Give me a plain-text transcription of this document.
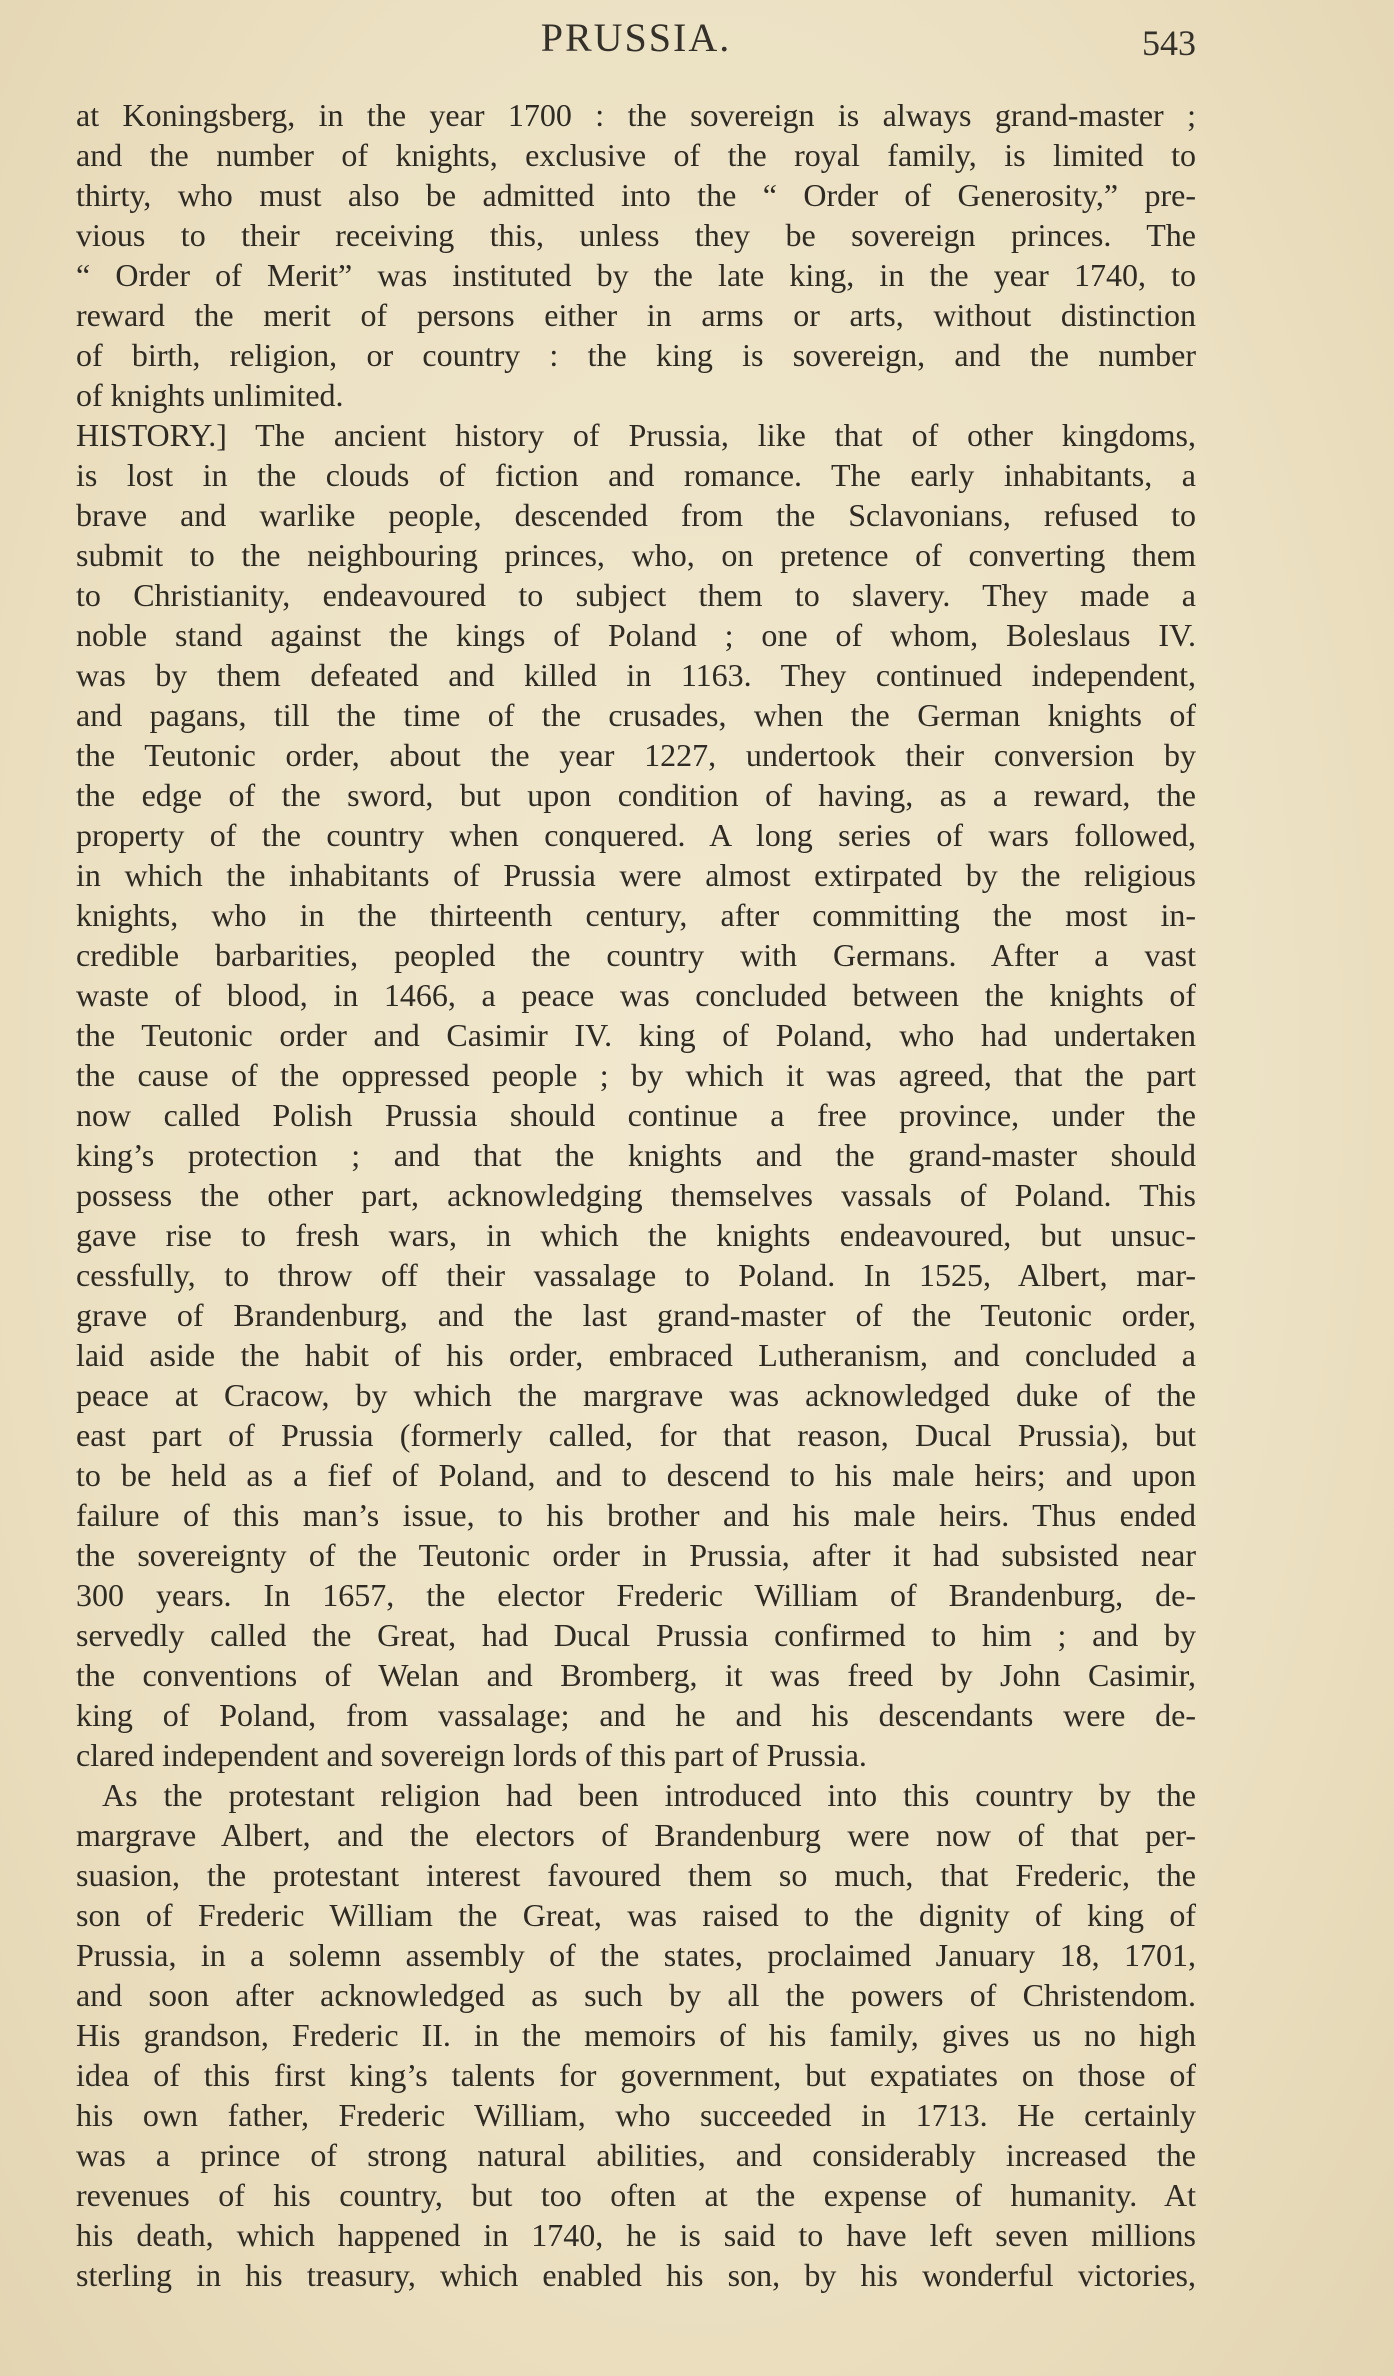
PRUSSIA.	543
at Koningsberg, in the year 1700 : the sovereign is always grand-master ;
and the number of knights, exclusive of the royal family, is limited to
thirty, who must also be admitted into the “ Order of Generosity,” pre-
vious to their receiving this, unless they be sovereign princes. The
“ Order of Merit” was instituted by the late king, in the year 1740, to
reward the merit of persons either in arms or arts, without distinction
of birth, religion, or country : the king is sovereign, and the number
of knights unlimited.
HISTORY.] The ancient history of Prussia, like that of other kingdoms,
is lost in the clouds of fiction and romance. The early inhabitants, a
brave and warlike people, descended from the Sclavonians, refused to
submit to the neighbouring princes, who, on pretence of converting them
to Christianity, endeavoured to subject them to slavery. They made a
noble stand against the kings of Poland ; one of whom, Boleslaus IV.
was by them defeated and killed in 1163. They continued independent,
and pagans, till the time of the crusades, when the German knights of
the Teutonic order, about the year 1227, undertook their conversion by
the edge of the sword, but upon condition of having, as a reward, the
property of the country when conquered. A long series of wars followed,
in which the inhabitants of Prussia were almost extirpated by the religious
knights, who in the thirteenth century, after committing the most in-
credible barbarities, peopled the country with Germans. After a vast
waste of blood, in 1466, a peace was concluded between the knights of
the Teutonic order and Casimir IV. king of Poland, who had undertaken
the cause of the oppressed people ; by which it was agreed, that the part
now called Polish Prussia should continue a free province, under the
king’s protection ; and that the knights and the grand-master should
possess the other part, acknowledging themselves vassals of Poland. This
gave rise to fresh wars, in which the knights endeavoured, but unsuc-
cessfully, to throw off their vassalage to Poland. In 1525, Albert, mar-
grave of Brandenburg, and the last grand-master of the Teutonic order,
laid aside the habit of his order, embraced Lutheranism, and concluded a
peace at Cracow, by which the margrave was acknowledged duke of the
east part of Prussia (formerly called, for that reason, Ducal Prussia), but
to be held as a fief of Poland, and to descend to his male heirs; and upon
failure of this man’s issue, to his brother and his male heirs. Thus ended
the sovereignty of the Teutonic order in Prussia, after it had subsisted near
300 years. In 1657, the elector Frederic William of Brandenburg, de-
servedly called the Great, had Ducal Prussia confirmed to him ; and by
the conventions of Welan and Bromberg, it was freed by John Casimir,
king of Poland, from vassalage; and he and his descendants were de-
clared independent and sovereign lords of this part of Prussia.
As the protestant religion had been introduced into this country by the
margrave Albert, and the electors of Brandenburg were now of that per-
suasion, the protestant interest favoured them so much, that Frederic, the
son of Frederic William the Great, was raised to the dignity of king of
Prussia, in a solemn assembly of the states, proclaimed January 18, 1701,
and soon after acknowledged as such by all the powers of Christendom.
His grandson, Frederic II. in the memoirs of his family, gives us no high
idea of this first king’s talents for government, but expatiates on those of
his own father, Frederic William, who succeeded in 1713. He certainly
was a prince of strong natural abilities, and considerably increased the
revenues of his country, but too often at the expense of humanity. At
his death, which happened in 1740, he is said to have left seven millions
sterling in his treasury, which enabled his son, by his wonderful victories,
